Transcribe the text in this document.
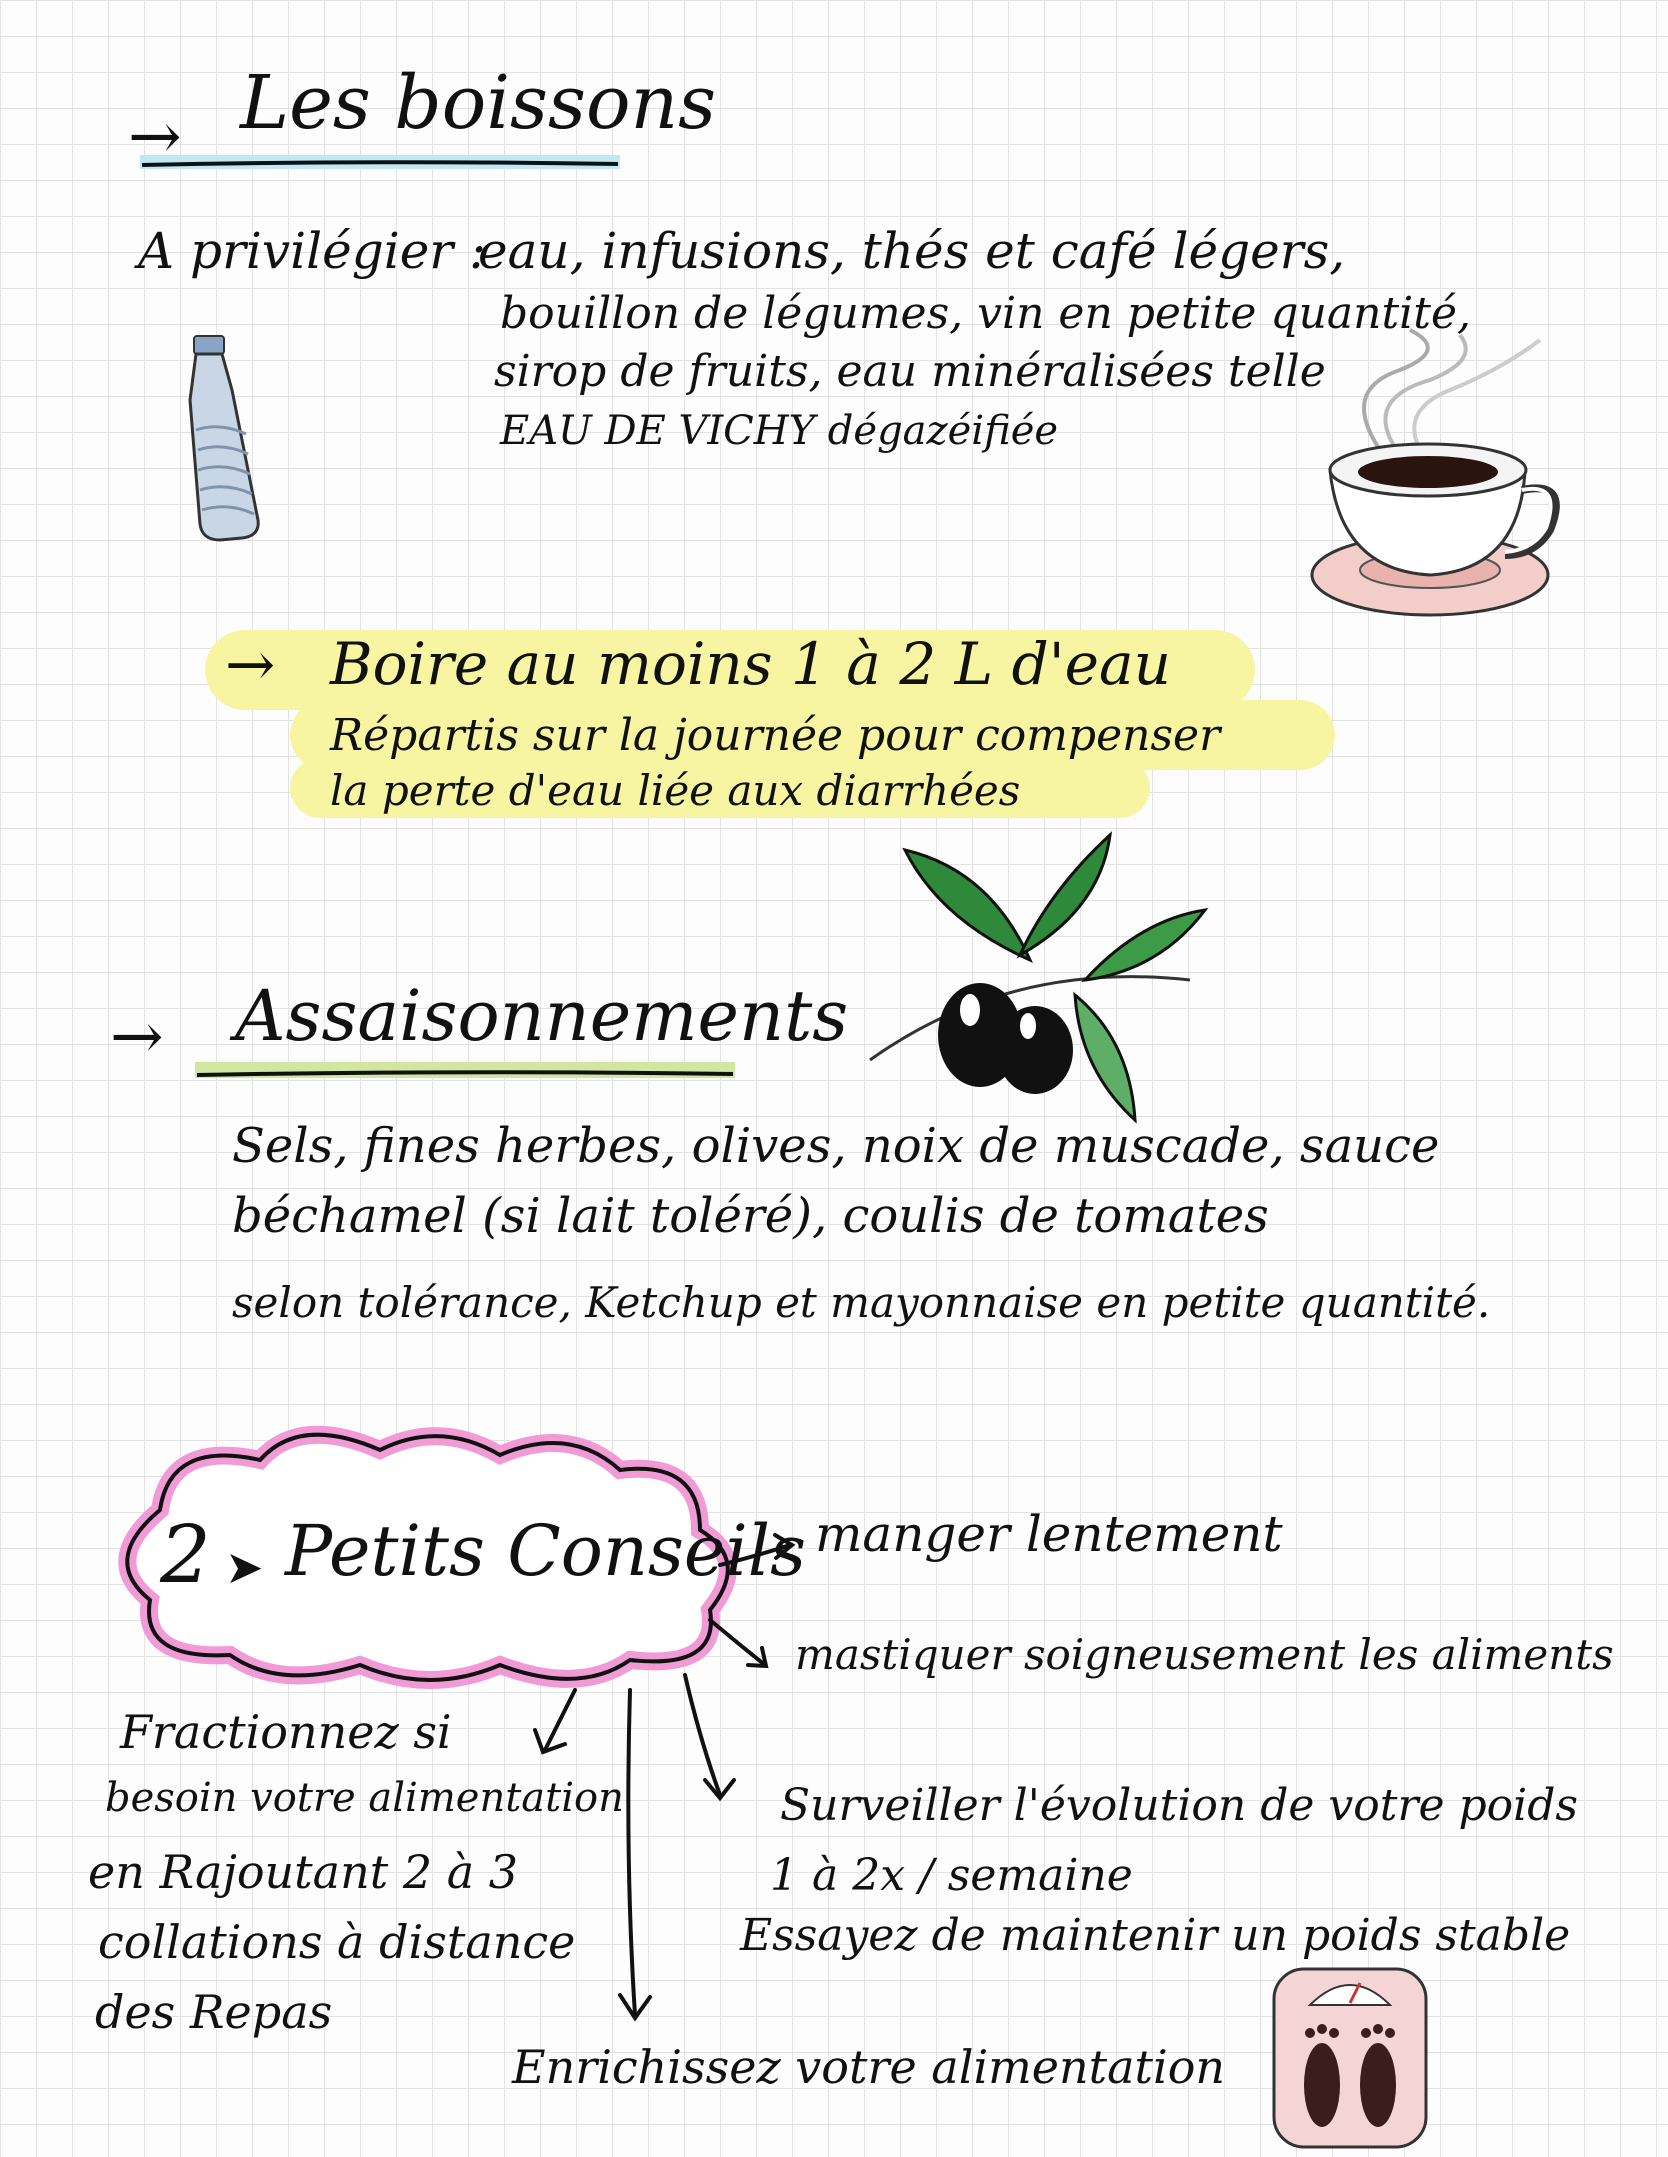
→ Les boissons
A privilégier :
eau, infusions, thés et café légers,
bouillon de légumes, vin en petite quantité,
sirop de fruits, eau minéralisées telle
EAU DE VICHY dégazéifiée
→ Boire au moins 1 à 2 L d'eau
Répartis sur la journée pour compenser
la perte d'eau liée aux diarrhées
→ Assaisonnements
Sels, fines herbes, olives, noix de muscade, sauce
béchamel (si lait toléré), coulis de tomates
selon tolérance, Ketchup et mayonnaise en petite quantité.
2 ➤ Petits Conseils manger lentement
mastiquer soigneusement les aliments
Fractionnez si
besoin votre alimentation
en Rajoutant 2 à 3
collations à distance
des Repas
Surveiller l'évolution de votre poids
1 à 2x / semaine
Essayez de maintenir un poids stable
Enrichissez votre alimentation
